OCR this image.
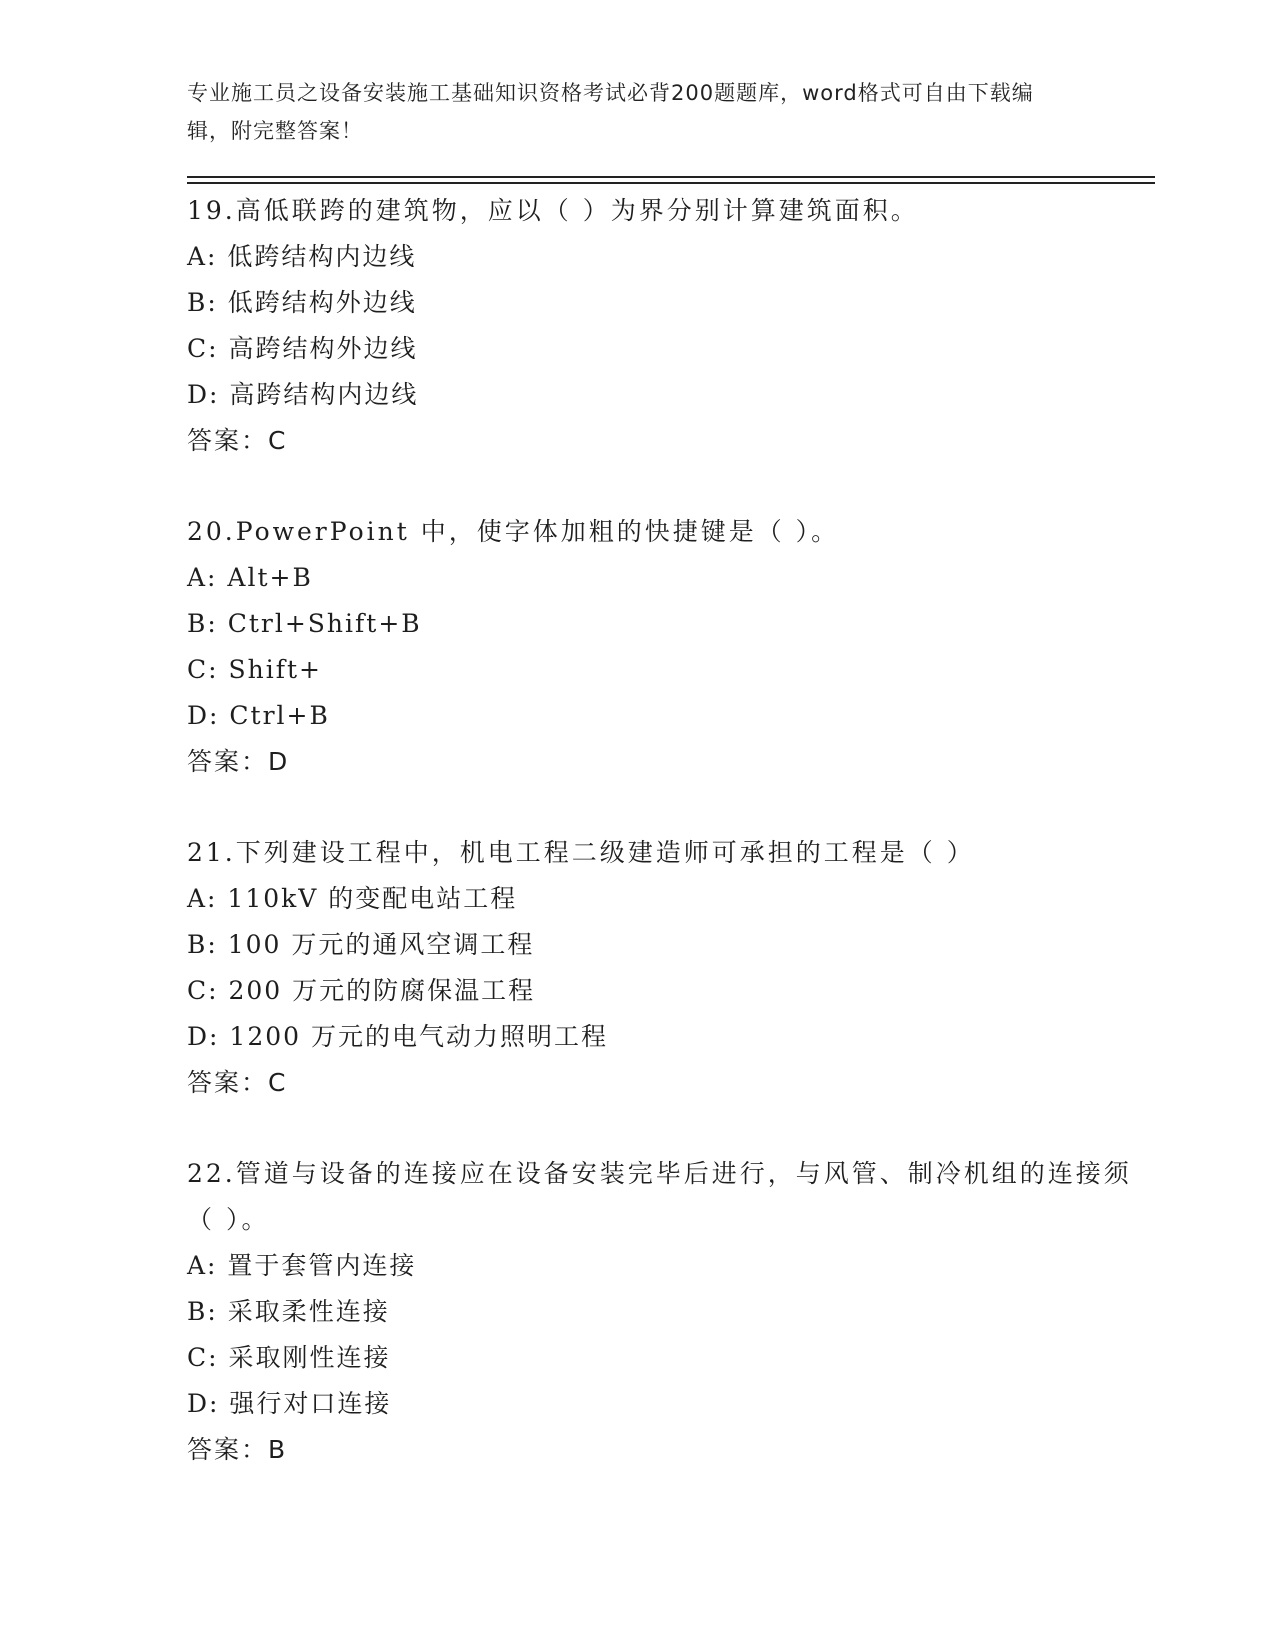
专业施工员之设备安装施工基础知识资格考试必背200题题库，word格式可自由下载编辑，附完整答案！
19.高低联跨的建筑物，应以（ ）为界分别计算建筑面积。
A: 低跨结构内边线
B: 低跨结构外边线
C: 高跨结构外边线
D: 高跨结构内边线
答案：C
20.PowerPoint 中，使字体加粗的快捷键是（ ）。
A: Alt+B
B: Ctrl+Shift+B
C: Shift+
D: Ctrl+B
答案：D
21.下列建设工程中，机电工程二级建造师可承担的工程是（ ）
A: 110kV 的变配电站工程
B: 100 万元的通风空调工程
C: 200 万元的防腐保温工程
D: 1200 万元的电气动力照明工程
答案：C
22.管道与设备的连接应在设备安装完毕后进行，与风管、制冷机组的连接须（ ）。
A: 置于套管内连接
B: 采取柔性连接
C: 采取刚性连接
D: 强行对口连接
答案：B
